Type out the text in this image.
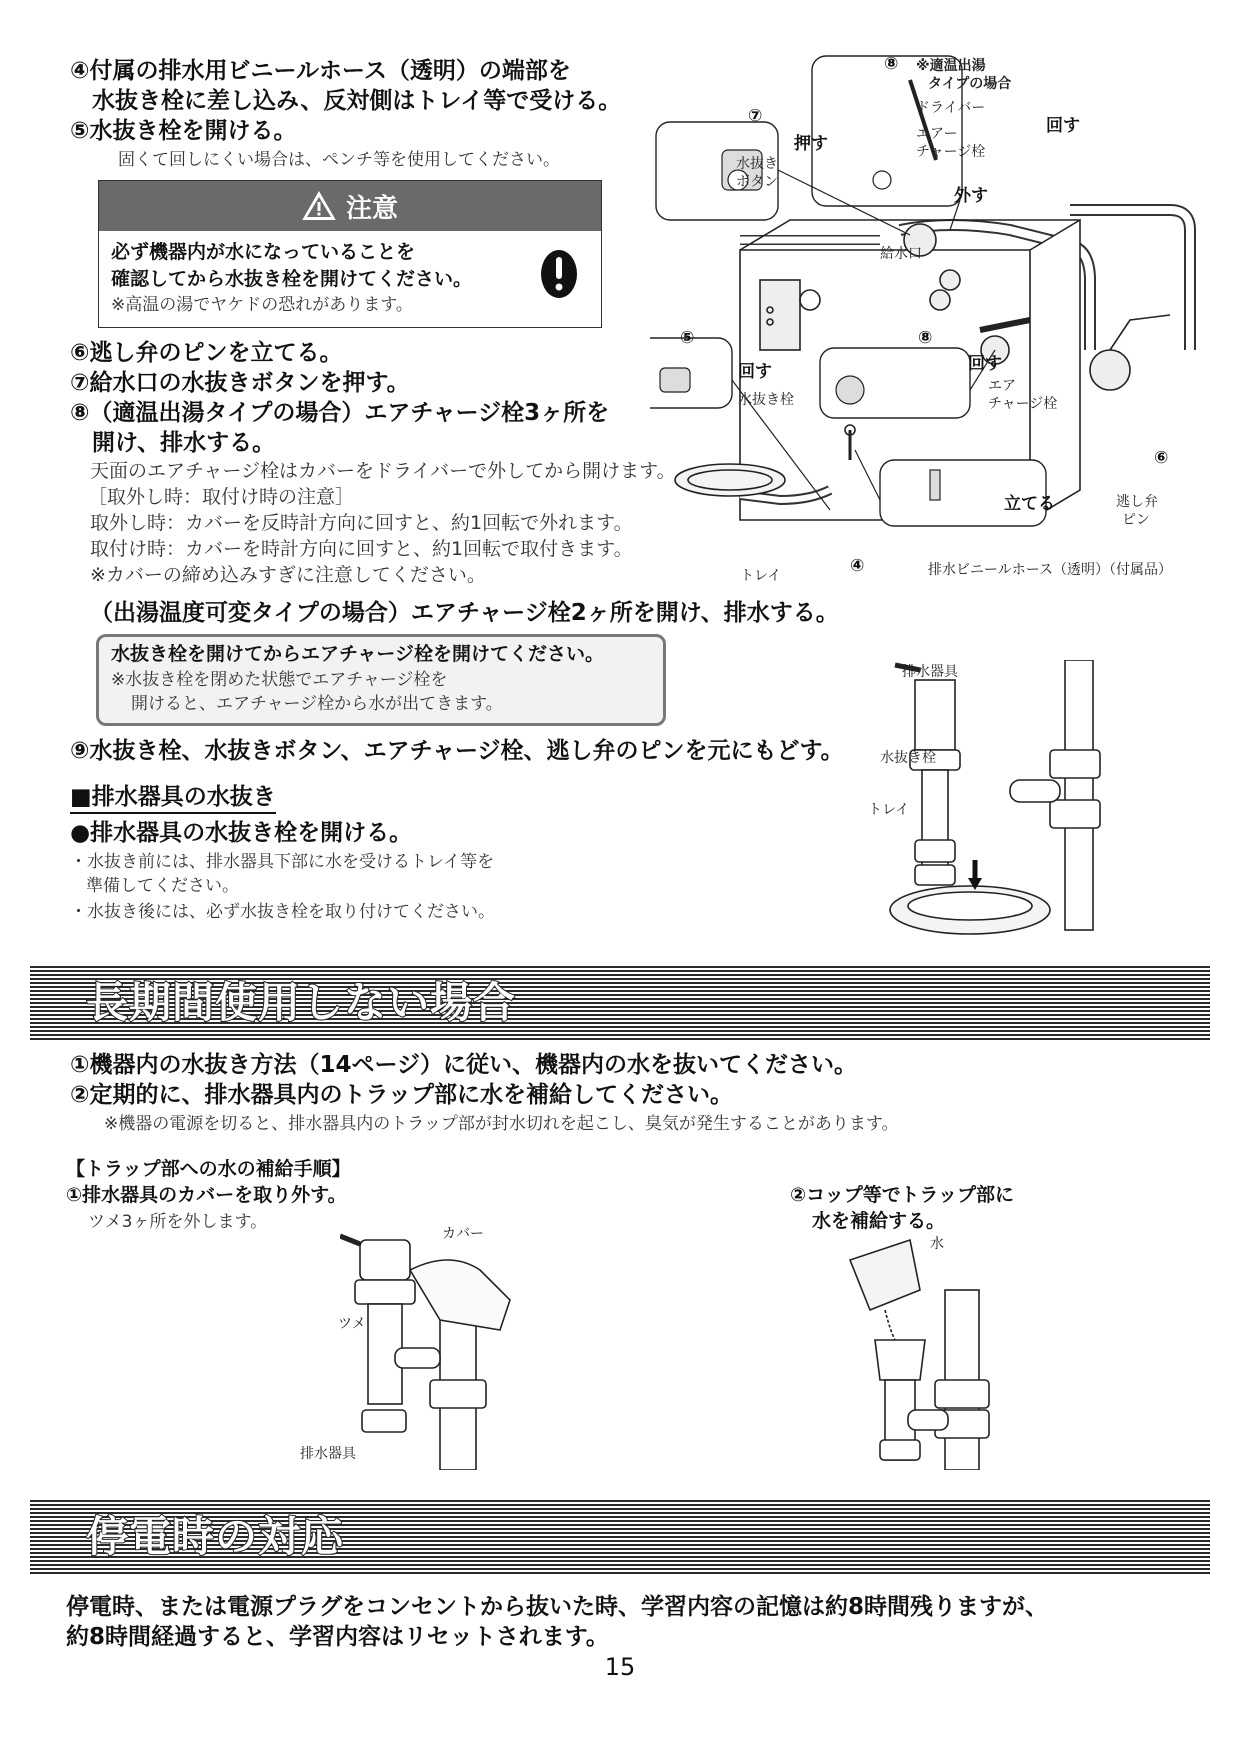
④付属の排水用ビニールホース（透明）の端部を
水抜き栓に差し込み、反対側はトレイ等で受ける。
⑤水抜き栓を開ける。
固くて回しにくい場合は、ペンチ等を使用してください。
注意
必ず機器内が水になっていることを
確認してから水抜き栓を開けてください。
※高温の湯でヤケドの恐れがあります。
⑥逃し弁のピンを立てる。
⑦給水口の水抜きボタンを押す。
⑧（適温出湯タイプの場合）エアチャージ栓3ヶ所を
開け、排水する。
天面のエアチャージ栓はカバーをドライバーで外してから開けます。
［取外し時：取付け時の注意］
取外し時：カバーを反時計方向に回すと、約1回転で外れます。
取付け時：カバーを時計方向に回すと、約1回転で取付きます。
※カバーの締め込みすぎに注意してください。
（出湯温度可変タイプの場合）エアチャージ栓2ヶ所を開け、排水する。
水抜き栓を開けてからエアチャージ栓を開けてください。
※水抜き栓を閉めた状態でエアチャージ栓を
開けると、エアチャージ栓から水が出てきます。
⑨水抜き栓、水抜きボタン、エアチャージ栓、逃し弁のピンを元にもどす。
■排水器具の水抜き
●排水器具の水抜き栓を開ける。
・水抜き前には、排水器具下部に水を受けるトレイ等を
準備してください。
・水抜き後には、必ず水抜き栓を取り付けてください。
⑧ ※適温出湯
タイプの場合
ドライバー
回す
エアー
チャージ栓
外す
⑦
押す
水抜き
ボタン
給水口
⑤
回す
水抜き栓
⑧
回す
エア
チャージ栓
⑥
立てる	逃し弁
ピン
トレイ	④	排水ビニールホース（透明）（付属品）
排水器具
水抜き栓
トレイ
長期間使用しない場合
①機器内の水抜き方法（14ページ）に従い、機器内の水を抜いてください。
②定期的に、排水器具内のトラップ部に水を補給してください。
※機器の電源を切ると、排水器具内のトラップ部が封水切れを起こし、臭気が発生することがあります。
【トラップ部への水の補給手順】
①排水器具のカバーを取り外す。
ツメ3ヶ所を外します。
②コップ等でトラップ部に
水を補給する。
カバー
ツメ
排水器具
水
停電時の対応
停電時、または電源プラグをコンセントから抜いた時、学習内容の記憶は約8時間残りますが、
約8時間経過すると、学習内容はリセットされます。
15
